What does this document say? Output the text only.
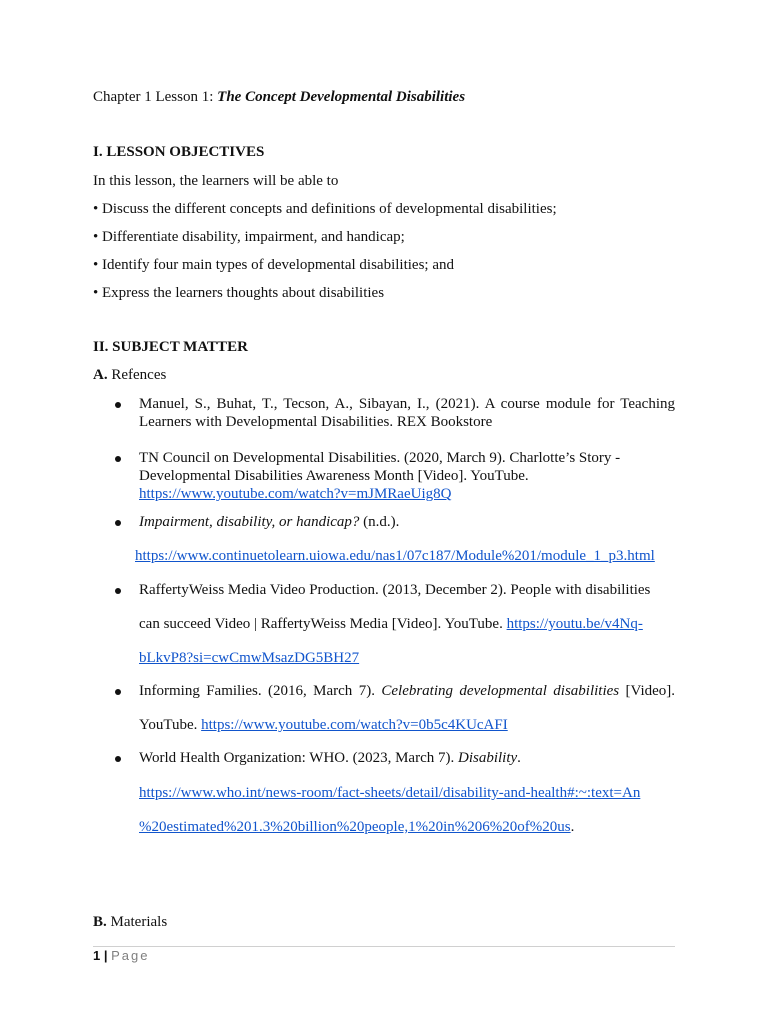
Chapter 1 Lesson 1: The Concept Developmental Disabilities
I. LESSON OBJECTIVES
In this lesson, the learners will be able to
• Discuss the different concepts and definitions of developmental disabilities;
• Differentiate disability, impairment, and handicap;
• Identify four main types of developmental disabilities; and
• Express the learners thoughts about disabilities
II. SUBJECT MATTER
A. Refences
Manuel, S., Buhat, T., Tecson, A., Sibayan, I., (2021). A course module for Teaching
Learners with Developmental Disabilities. REX Bookstore
TN Council on Developmental Disabilities. (2020, March 9). Charlotte’s Story -
Developmental Disabilities Awareness Month [Video]. YouTube.
https://www.youtube.com/watch?v=mJMRaeUig8Q
Impairment, disability, or handicap? (n.d.).
https://www.continuetolearn.uiowa.edu/nas1/07c187/Module%201/module_1_p3.html
RaffertyWeiss Media Video Production. (2013, December 2). People with disabilities
can succeed Video | RaffertyWeiss Media [Video]. YouTube. https://youtu.be/v4Nq-
bLkvP8?si=cwCmwMsazDG5BH27
Informing Families. (2016, March 7). Celebrating developmental disabilities [Video].
YouTube. https://www.youtube.com/watch?v=0b5c4KUcAFI
World Health Organization: WHO. (2023, March 7). Disability.
https://www.who.int/news-room/fact-sheets/detail/disability-and-health#:~:text=An
%20estimated%201.3%20billion%20people,1%20in%206%20of%20us.
B. Materials
1 | Page
